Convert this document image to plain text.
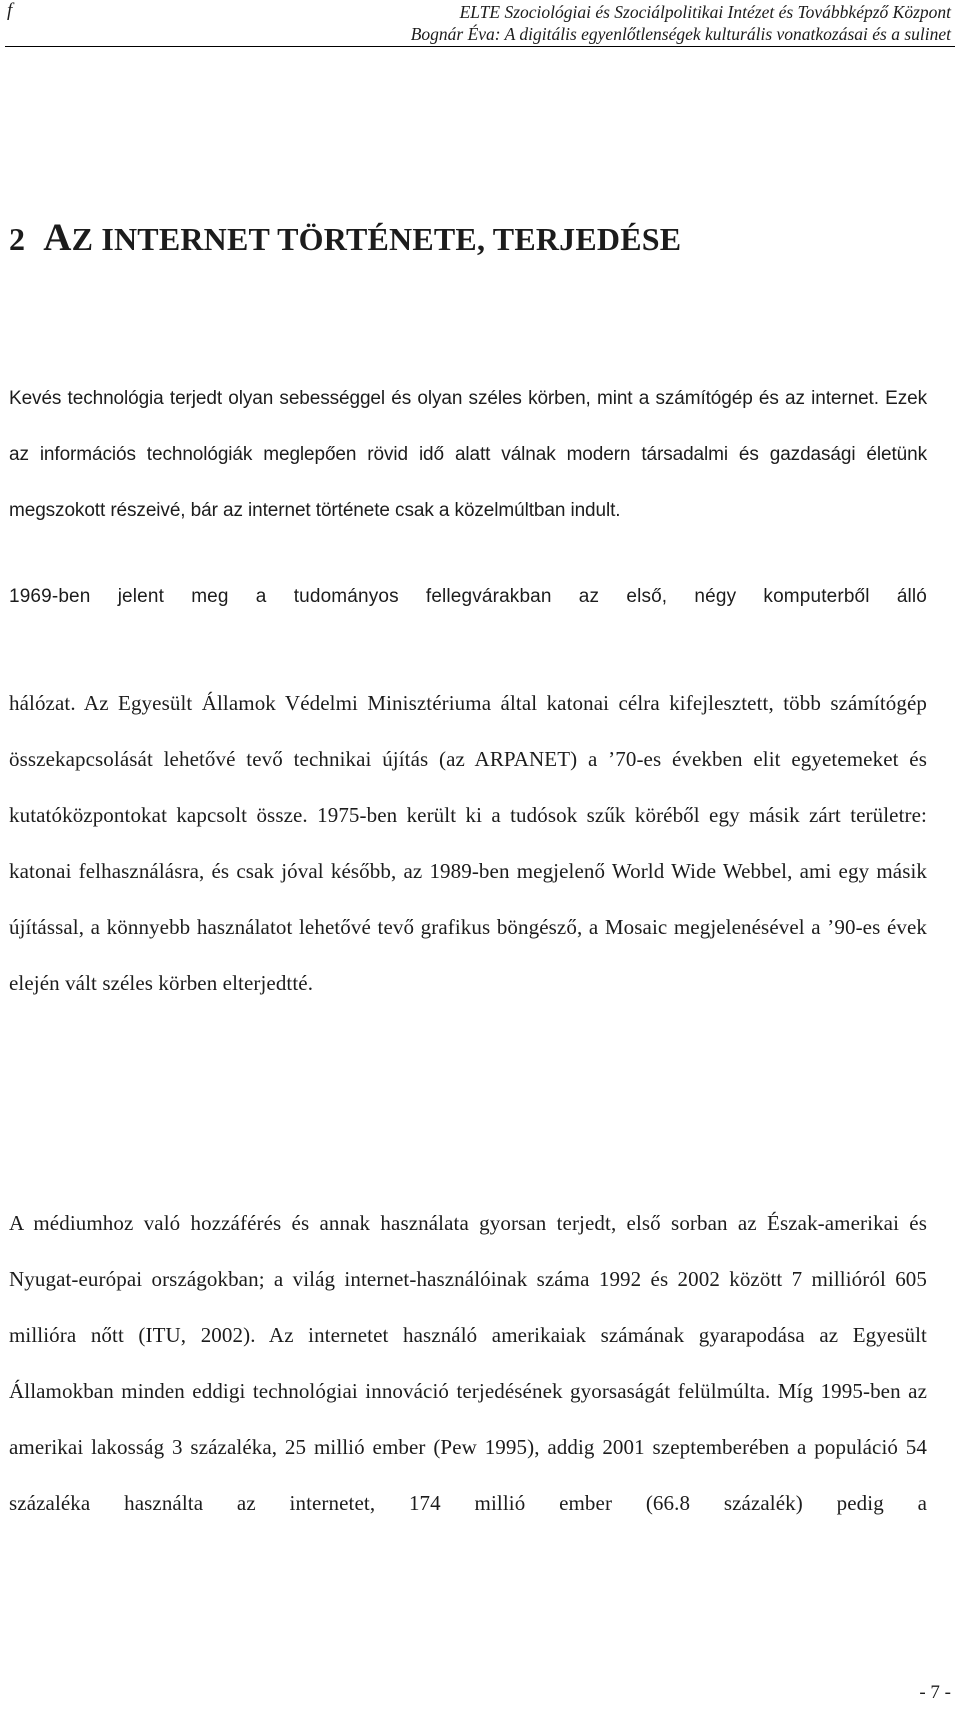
f	ELTE Szociológiai és Szociálpolitikai Intézet és Továbbképző Központ
Bognár Éva: A digitális egyenlőtlenségek kulturális vonatkozásai és a sulinet
2 AZ INTERNET TÖRTÉNETE, TERJEDÉSE

Kevés technológia terjedt olyan sebességgel és olyan széles körben, mint a számítógép és az internet. Ezek az információs technológiák meglepően rövid idő alatt válnak modern társadalmi és gazdasági életünk megszokott részeivé, bár az internet története csak a közelmúltban indult.

1969-ben jelent meg a tudományos fellegvárakban az első, négy komputerből álló

hálózat. Az Egyesült Államok Védelmi Minisztériuma által katonai célra kifejlesztett, több számítógép összekapcsolását lehetővé tevő technikai újítás (az ARPANET) a ’70-es években elit egyetemeket és kutatóközpontokat kapcsolt össze. 1975-ben került ki a tudósok szűk köréből egy másik zárt területre: katonai felhasználásra, és csak jóval később, az 1989-ben megjelenő World Wide Webbel, ami egy másik újítással, a könnyebb használatot lehetővé tevő grafikus böngésző, a Mosaic megjelenésével a ’90-es évek elején vált széles körben elterjedtté.

A médiumhoz való hozzáférés és annak használata gyorsan terjedt, első sorban az Észak-amerikai és Nyugat-európai országokban; a világ internet-használóinak száma 1992 és 2002 között 7 millióról 605 millióra nőtt (ITU, 2002). Az internetet használó amerikaiak számának gyarapodása az Egyesült Államokban minden eddigi technológiai innováció terjedésének gyorsaságát felülmúlta. Míg 1995-ben az amerikai lakosság 3 százaléka, 25 millió ember (Pew 1995), addig 2001 szeptemberében a populáció 54 százaléka használta az internetet, 174 millió ember (66.8 százalék) pedig a

- 7 -
